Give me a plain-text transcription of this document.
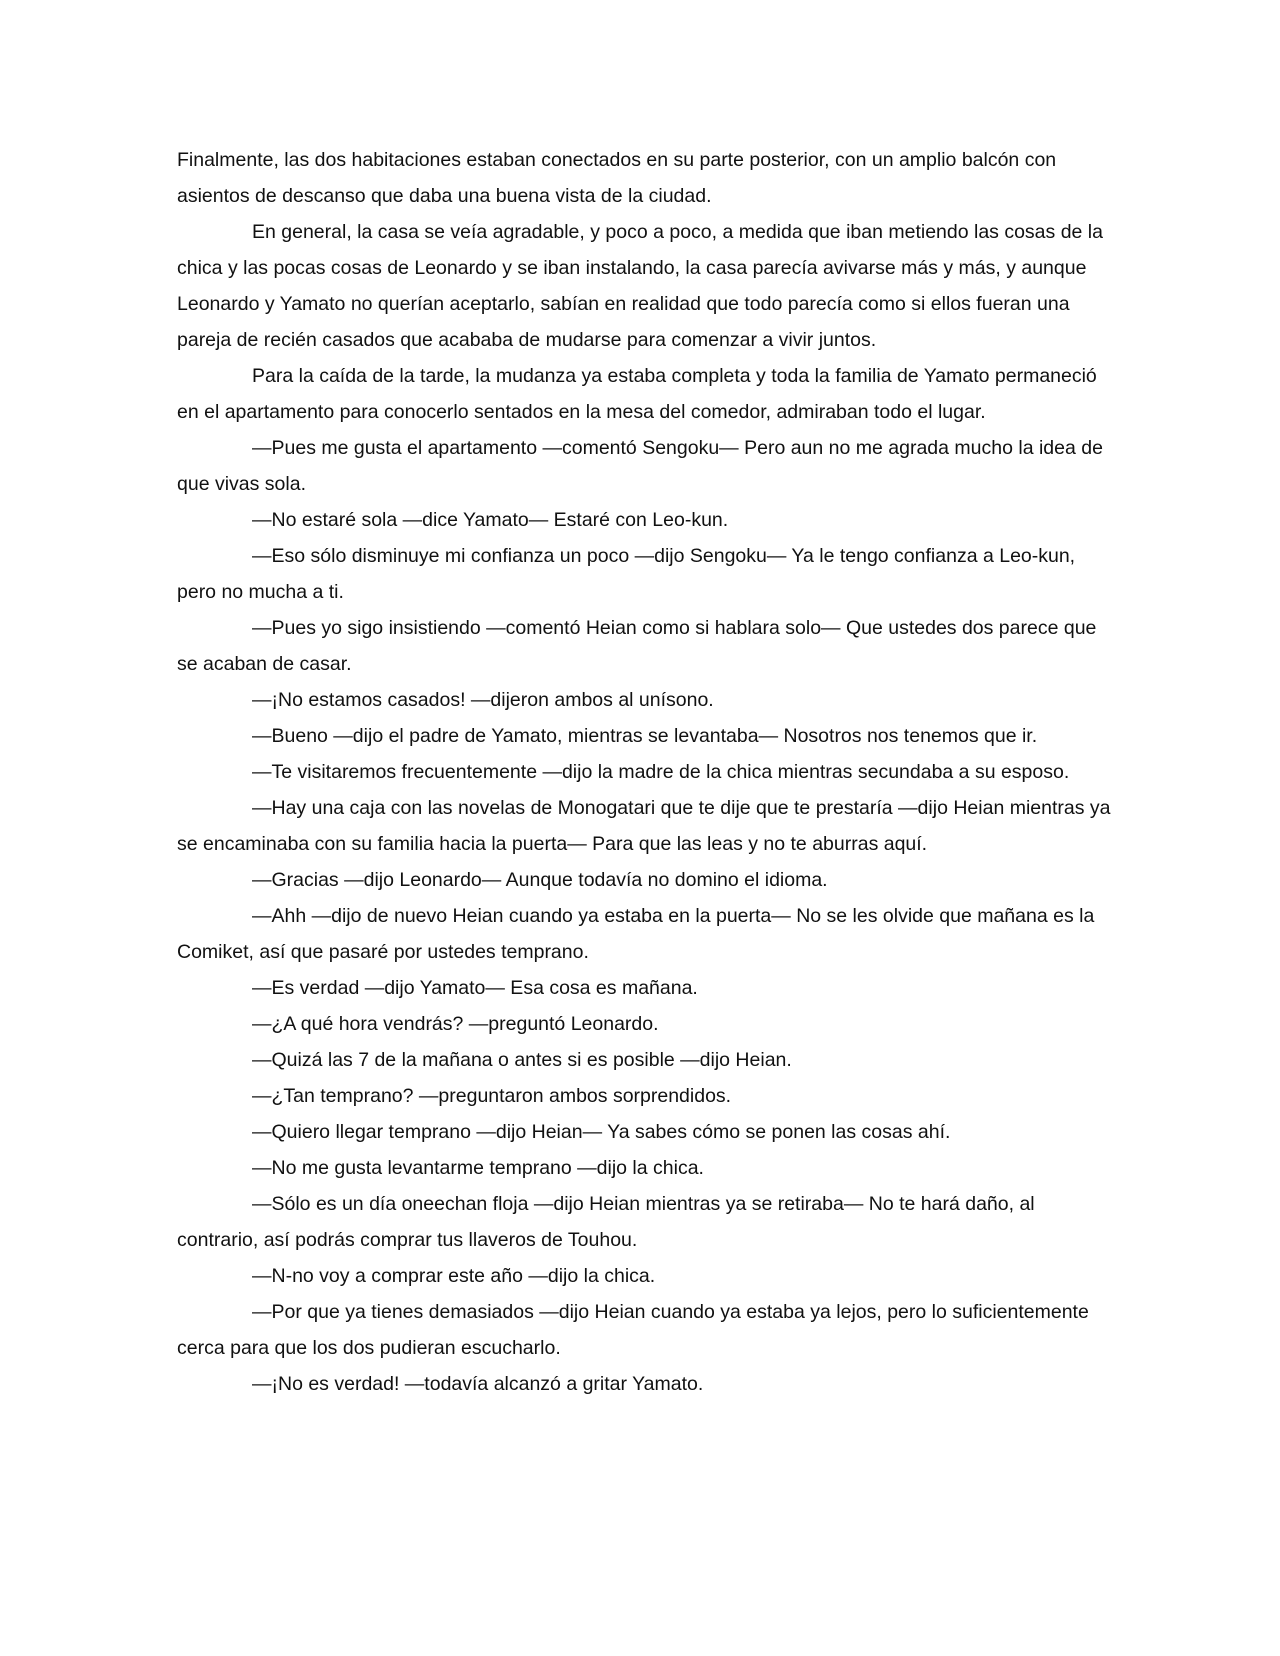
Finalmente, las dos habitaciones estaban conectados en su parte posterior, con un amplio balcón con asientos de descanso que daba una buena vista de la ciudad.

En general, la casa se veía agradable, y poco a poco, a medida que iban metiendo las cosas de la chica y las pocas cosas de Leonardo y se iban instalando, la casa parecía avivarse más y más, y aunque Leonardo y Yamato no querían aceptarlo, sabían en realidad que todo parecía como si ellos fueran una pareja de recién casados que acababa de mudarse para comenzar a vivir juntos.

Para la caída de la tarde, la mudanza ya estaba completa y toda la familia de Yamato permaneció en el apartamento para conocerlo sentados en la mesa del comedor, admiraban todo el lugar.

—Pues me gusta el apartamento —comentó Sengoku— Pero aun no me agrada mucho la idea de que vivas sola.

—No estaré sola —dice Yamato— Estaré con Leo-kun.

—Eso sólo disminuye mi confianza un poco —dijo Sengoku— Ya le tengo confianza a Leo-kun, pero no mucha a ti.

—Pues yo sigo insistiendo —comentó Heian como si hablara solo— Que ustedes dos parece que se acaban de casar.

—¡No estamos casados! —dijeron ambos al unísono.

—Bueno —dijo el padre de Yamato, mientras se levantaba— Nosotros nos tenemos que ir.

—Te visitaremos frecuentemente —dijo la madre de la chica mientras secundaba a su esposo.

—Hay una caja con las novelas de Monogatari que te dije que te prestaría —dijo Heian mientras ya se encaminaba con su familia hacia la puerta— Para que las leas y no te aburras aquí.

—Gracias —dijo Leonardo— Aunque todavía no domino el idioma.

—Ahh —dijo de nuevo Heian cuando ya estaba en la puerta— No se les olvide que mañana es la Comiket, así que pasaré por ustedes temprano.

—Es verdad —dijo Yamato— Esa cosa es mañana.

—¿A qué hora vendrás? —preguntó Leonardo.

—Quizá las 7 de la mañana o antes si es posible —dijo Heian.

—¿Tan temprano? —preguntaron ambos sorprendidos.

—Quiero llegar temprano —dijo Heian— Ya sabes cómo se ponen las cosas ahí.

—No me gusta levantarme temprano —dijo la chica.

—Sólo es un día oneechan floja —dijo Heian mientras ya se retiraba— No te hará daño, al contrario, así podrás comprar tus llaveros de Touhou.

—N-no voy a comprar este año —dijo la chica.

—Por que ya tienes demasiados —dijo Heian cuando ya estaba ya lejos, pero lo suficientemente cerca para que los dos pudieran escucharlo.

—¡No es verdad! —todavía alcanzó a gritar Yamato.
